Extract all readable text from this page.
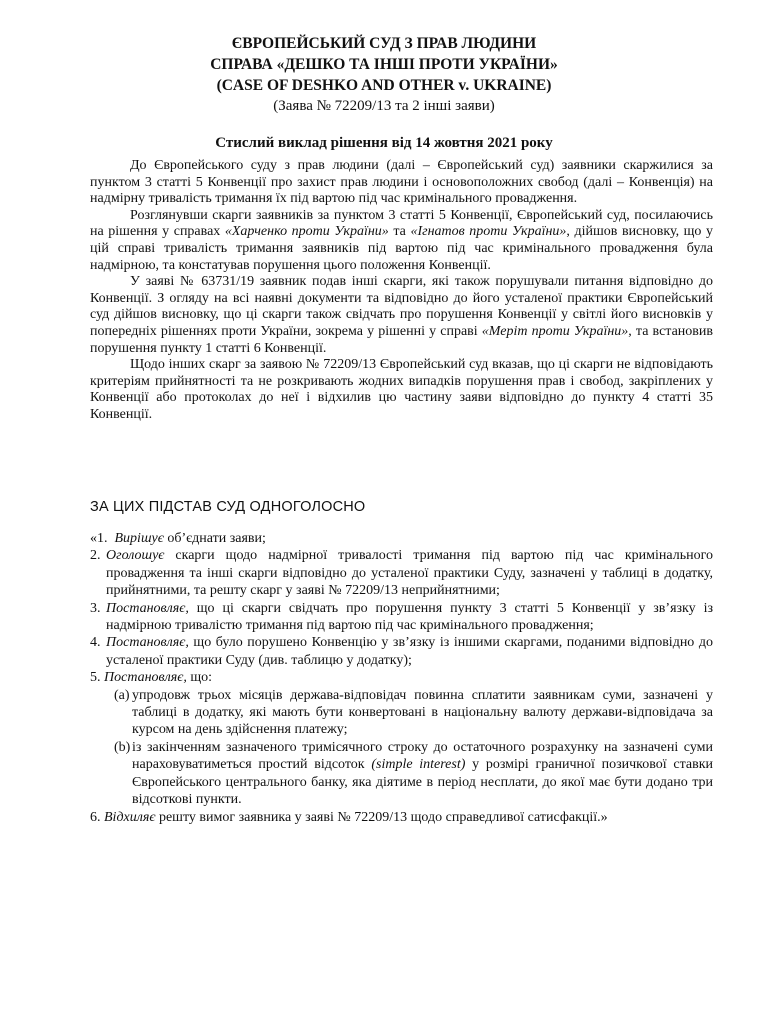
ЄВРОПЕЙСЬКИЙ СУД З ПРАВ ЛЮДИНИ
СПРАВА «ДЕШКО ТА ІНШІ ПРОТИ УКРАЇНИ»
(CASE OF DESHKO AND OTHER v. UKRAINE)
(Заява № 72209/13 та 2 інші заяви)
Стислий виклад рішення від 14 жовтня 2021 року

До Європейського суду з прав людини (далі – Європейський суд) заявники скаржилися за пунктом 3 статті 5 Конвенції про захист прав людини і основоположних свобод (далі – Конвенція) на надмірну тривалість тримання їх під вартою під час кримінального провадження.

Розглянувши скарги заявників за пунктом 3 статті 5 Конвенції, Європейський суд, посилаючись на рішення у справах «Харченко проти України» та «Ігнатов проти України», дійшов висновку, що у цій справі тривалість тримання заявників під вартою під час кримінального провадження була надмірною, та констатував порушення цього положення Конвенції.

У заяві № 63731/19 заявник подав інші скарги, які також порушували питання відповідно до Конвенції. З огляду на всі наявні документи та відповідно до його усталеної практики Європейський суд дійшов висновку, що ці скарги також свідчать про порушення Конвенції у світлі його висновків у попередніх рішеннях проти України, зокрема у рішенні у справі «Меріт проти України», та встановив порушення пункту 1 статті 6 Конвенції.

Щодо інших скарг за заявою № 72209/13 Європейський суд вказав, що ці скарги не відповідають критеріям прийнятності та не розкривають жодних випадків порушення прав і свобод, закріплених у Конвенції або протоколах до неї і відхилив цю частину заяви відповідно до пункту 4 статті 35 Конвенції.

ЗА ЦИХ ПІДСТАВ СУД ОДНОГОЛОСНО
«1. Вирішує об’єднати заяви;
2. Оголошує скарги щодо надмірної тривалості тримання під вартою під час кримінального провадження та інші скарги відповідно до усталеної практики Суду, зазначені у таблиці в додатку, прийнятними, та решту скарг у заяві № 72209/13 неприйнятними;
3. Постановляє, що ці скарги свідчать про порушення пункту 3 статті 5 Конвенції у зв’язку із надмірною тривалістю тримання під вартою під час кримінального провадження;
4. Постановляє, що було порушено Конвенцію у зв’язку із іншими скаргами, поданими відповідно до усталеної практики Суду (див. таблицю у додатку);
5. Постановляє, що:
(a) упродовж трьох місяців держава-відповідач повинна сплатити заявникам суми, зазначені у таблиці в додатку, які мають бути конвертовані в національну валюту держави-відповідача за курсом на день здійснення платежу;
(b) із закінченням зазначеного тримісячного строку до остаточного розрахунку на зазначені суми нараховуватиметься простий відсоток (simple interest) у розмірі граничної позичкової ставки Європейського центрального банку, яка діятиме в період несплати, до якої має бути додано три відсоткові пункти.
6. Відхиляє решту вимог заявника у заяві № 72209/13 щодо справедливої сатисфакції.»
